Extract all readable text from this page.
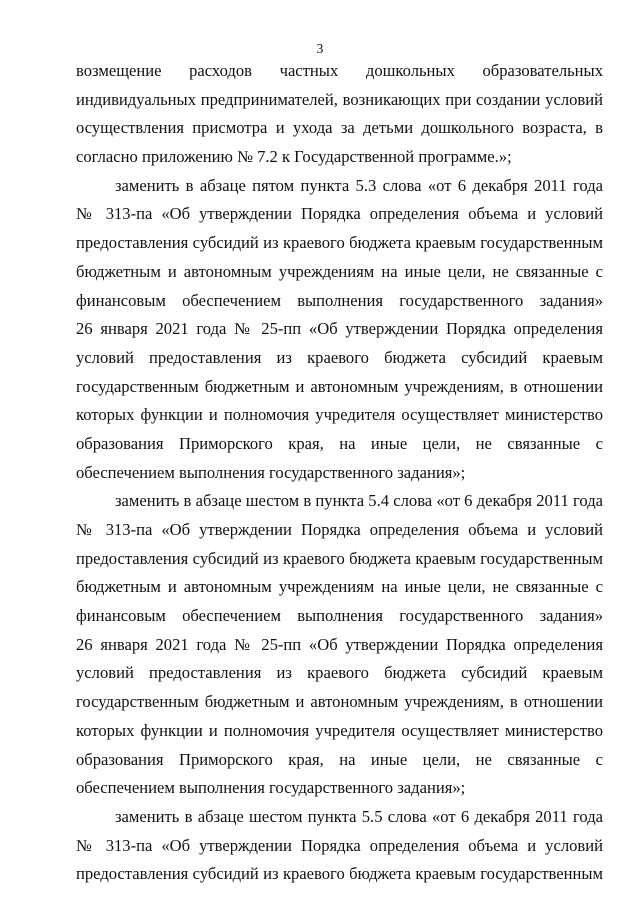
3
возмещение расходов частных дошкольных образовательных
индивидуальных предпринимателей, возникающих при создании условий
осуществления присмотра и ухода за детьми дошкольного возраста, в
согласно приложению № 7.2 к Государственной программе.»;
заменить в абзаце пятом пункта 5.3 слова «от 6 декабря 2011 года
№ 313-па «Об утверждении Порядка определения объема и условий
предоставления субсидий из краевого бюджета краевым государственным
бюджетным и автономным учреждениям на иные цели, не связанные с
финансовым обеспечением выполнения государственного задания»
26 января 2021 года № 25-пп «Об утверждении Порядка определения
условий предоставления из краевого бюджета субсидий краевым
государственным бюджетным и автономным учреждениям, в отношении
которых функции и полномочия учредителя осуществляет министерство
образования Приморского края, на иные цели, не связанные с
обеспечением выполнения государственного задания»;
заменить в абзаце шестом в пункта 5.4 слова «от 6 декабря 2011 года
№ 313-па «Об утверждении Порядка определения объема и условий
предоставления субсидий из краевого бюджета краевым государственным
бюджетным и автономным учреждениям на иные цели, не связанные с
финансовым обеспечением выполнения государственного задания»
26 января 2021 года № 25-пп «Об утверждении Порядка определения
условий предоставления из краевого бюджета субсидий краевым
государственным бюджетным и автономным учреждениям, в отношении
которых функции и полномочия учредителя осуществляет министерство
образования Приморского края, на иные цели, не связанные с
обеспечением выполнения государственного задания»;
заменить в абзаце шестом пункта 5.5 слова «от 6 декабря 2011 года
№ 313-па «Об утверждении Порядка определения объема и условий
предоставления субсидий из краевого бюджета краевым государственным
